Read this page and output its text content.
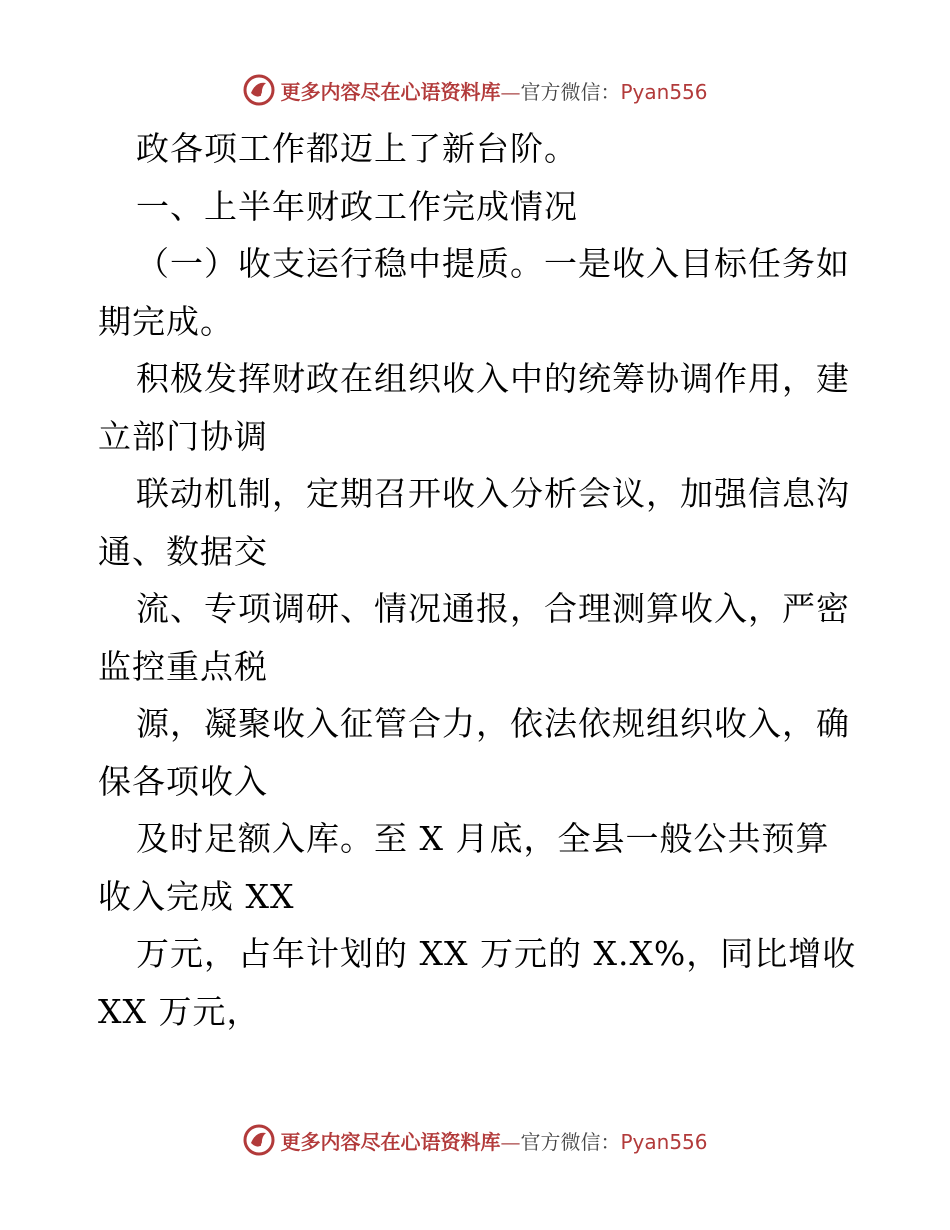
更多内容尽在心语资料库—官方微信：Pyan556
政各项工作都迈上了新台阶。
一、上半年财政工作完成情况
（一）收支运行稳中提质。一是收入目标任务如
期完成。
积极发挥财政在组织收入中的统筹协调作用，建
立部门协调
联动机制，定期召开收入分析会议，加强信息沟
通、数据交
流、专项调研、情况通报，合理测算收入，严密
监控重点税
源，凝聚收入征管合力，依法依规组织收入，确
保各项收入
及时足额入库。至 X 月底，全县一般公共预算
收入完成 XX
万元，占年计划的 XX 万元的 X.X%，同比增收
XX 万元，
更多内容尽在心语资料库—官方微信：Pyan556
